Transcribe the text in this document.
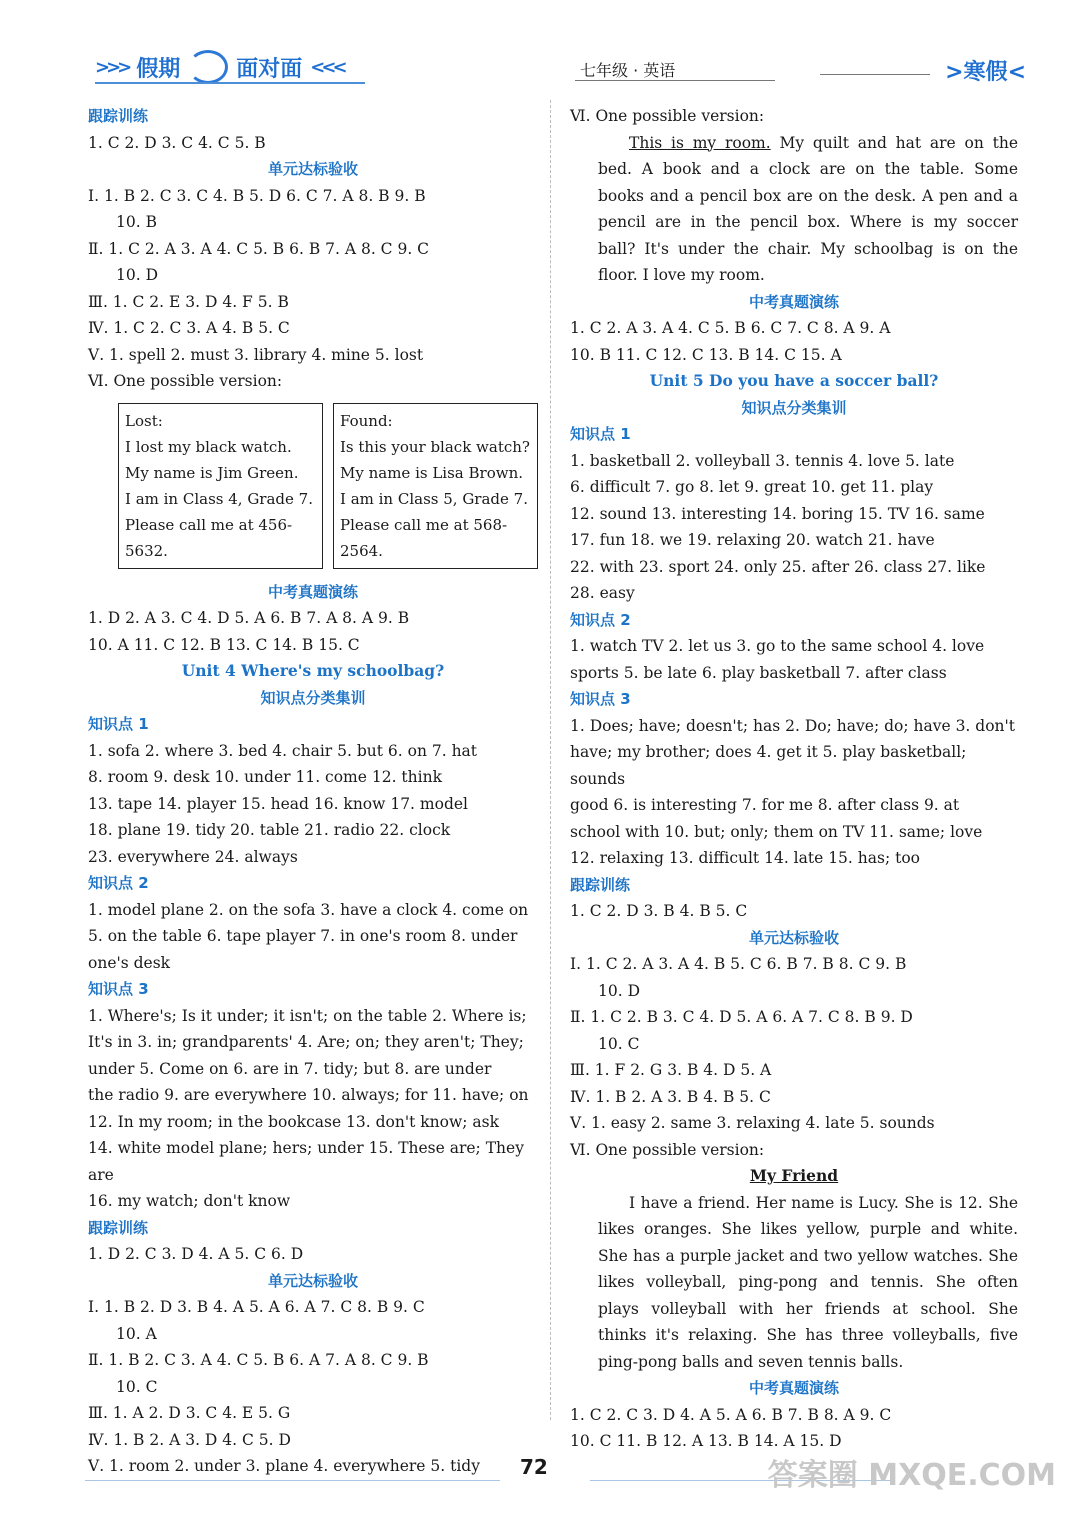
>>> 假期	面对面 <<<	七年级 · 英语	>寒假<
跟踪训练
1. C 2. D 3. C 4. C 5. B
单元达标验收
Ⅰ. 1. B 2. C 3. C 4. B 5. D 6. C 7. A 8. B 9. B
10. B
Ⅱ. 1. C 2. A 3. A 4. C 5. B 6. B 7. A 8. C 9. C
10. D
Ⅲ. 1. C 2. E 3. D 4. F 5. B
Ⅳ. 1. C 2. C 3. A 4. B 5. C
Ⅴ. 1. spell 2. must 3. library 4. mine 5. lost
Ⅵ. One possible version:
Lost:
I lost my black watch.
My name is Jim Green.
I am in Class 4, Grade 7.
Please call me at 456-5632.
Found:
Is this your black watch?
My name is Lisa Brown.
I am in Class 5, Grade 7.
Please call me at 568-2564.
中考真题演练
1. D 2. A 3. C 4. D 5. A 6. B 7. A 8. A 9. B
10. A 11. C 12. B 13. C 14. B 15. C
Unit 4 Where's my schoolbag?
知识点分类集训
知识点 1
1. sofa 2. where 3. bed 4. chair 5. but 6. on 7. hat
8. room 9. desk 10. under 11. come 12. think
13. tape 14. player 15. head 16. know 17. model
18. plane 19. tidy 20. table 21. radio 22. clock
23. everywhere 24. always
知识点 2
1. model plane 2. on the sofa 3. have a clock 4. come on
5. on the table 6. tape player 7. in one's room 8. under
one's desk
知识点 3
1. Where's; Is it under; it isn't; on the table 2. Where is;
It's in 3. in; grandparents' 4. Are; on; they aren't; They;
under 5. Come on 6. are in 7. tidy; but 8. are under
the radio 9. are everywhere 10. always; for 11. have; on
12. In my room; in the bookcase 13. don't know; ask
14. white model plane; hers; under 15. These are; They are
16. my watch; don't know
跟踪训练
1. D 2. C 3. D 4. A 5. C 6. D
单元达标验收
Ⅰ. 1. B 2. D 3. B 4. A 5. A 6. A 7. C 8. B 9. C
10. A
Ⅱ. 1. B 2. C 3. A 4. C 5. B 6. A 7. A 8. C 9. B
10. C
Ⅲ. 1. A 2. D 3. C 4. E 5. G
Ⅳ. 1. B 2. A 3. D 4. C 5. D
Ⅴ. 1. room 2. under 3. plane 4. everywhere 5. tidy
Ⅵ. One possible version:
This is my room. My quilt and hat are on the bed. A book and a clock are on the table. Some books and a pencil box are on the desk. A pen and a pencil are in the pencil box. Where is my soccer ball? It's under the chair. My schoolbag is on the floor. I love my room.
中考真题演练
1. C 2. A 3. A 4. C 5. B 6. C 7. C 8. A 9. A
10. B 11. C 12. C 13. B 14. C 15. A
Unit 5 Do you have a soccer ball?
知识点分类集训
知识点 1
1. basketball 2. volleyball 3. tennis 4. love 5. late
6. difficult 7. go 8. let 9. great 10. get 11. play
12. sound 13. interesting 14. boring 15. TV 16. same
17. fun 18. we 19. relaxing 20. watch 21. have
22. with 23. sport 24. only 25. after 26. class 27. like
28. easy
知识点 2
1. watch TV 2. let us 3. go to the same school 4. love
sports 5. be late 6. play basketball 7. after class
知识点 3
1. Does; have; doesn't; has 2. Do; have; do; have 3. don't
have; my brother; does 4. get it 5. play basketball; sounds
good 6. is interesting 7. for me 8. after class 9. at
school with 10. but; only; them on TV 11. same; love
12. relaxing 13. difficult 14. late 15. has; too
跟踪训练
1. C 2. D 3. B 4. B 5. C
单元达标验收
Ⅰ. 1. C 2. A 3. A 4. B 5. C 6. B 7. B 8. C 9. B
10. D
Ⅱ. 1. C 2. B 3. C 4. D 5. A 6. A 7. C 8. B 9. D
10. C
Ⅲ. 1. F 2. G 3. B 4. D 5. A
Ⅳ. 1. B 2. A 3. B 4. B 5. C
Ⅴ. 1. easy 2. same 3. relaxing 4. late 5. sounds
Ⅵ. One possible version:
My Friend
I have a friend. Her name is Lucy. She is 12. She likes oranges. She likes yellow, purple and white. She has a purple jacket and two yellow watches. She likes volleyball, ping-pong and tennis. She often plays volleyball with her friends at school. She thinks it's relaxing. She has three volleyballs, five ping-pong balls and seven tennis balls.
中考真题演练
1. C 2. C 3. D 4. A 5. A 6. B 7. B 8. A 9. C
10. C 11. B 12. A 13. B 14. A 15. D
72	答案圈 MXQE.COM
